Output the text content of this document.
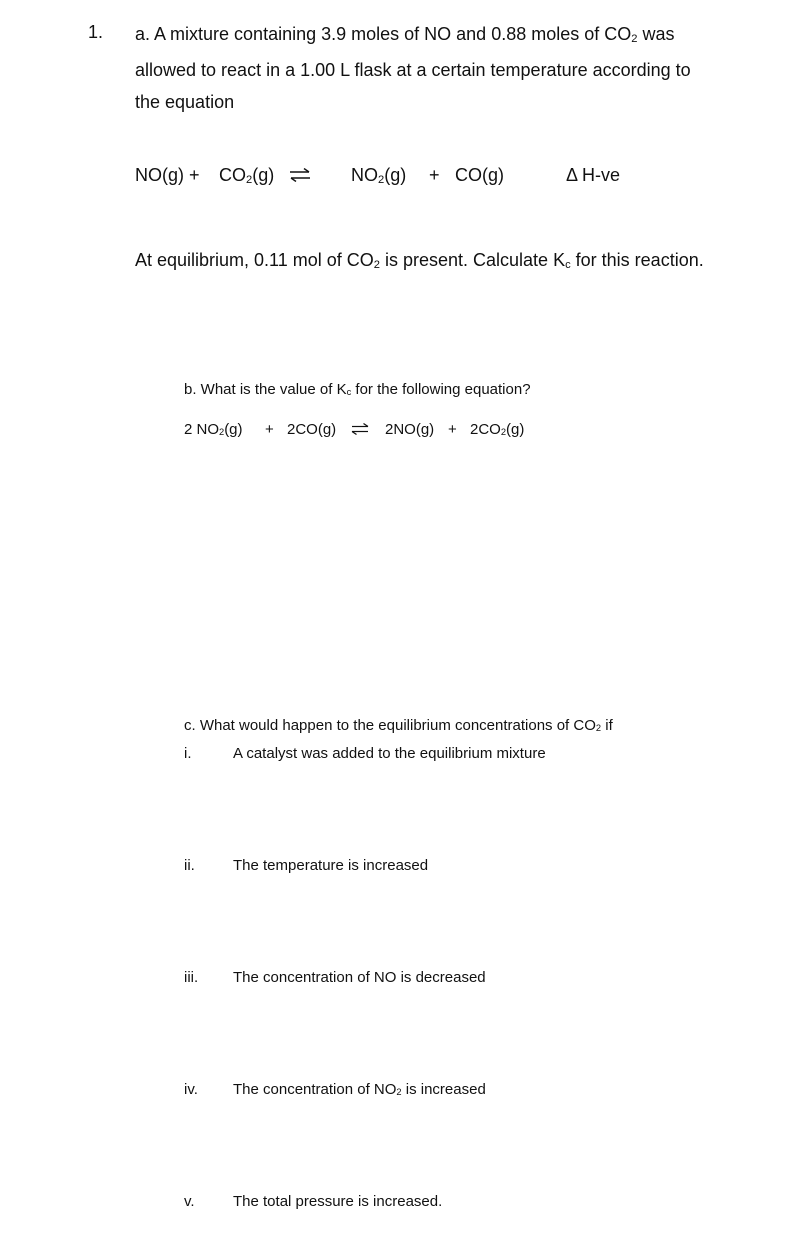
1. a. A mixture containing 3.9 moles of NO and 0.88 moles of CO2 was
allowed to react in a 1.00 L flask at a certain temperature according to
the equation
NO(g) + CO2(g) ⇌ NO2(g) + CO(g)	Δ H-ve
At equilibrium, 0.11 mol of CO2 is present. Calculate Kc for this reaction.
b. What is the value of Kc for the following equation?
2 NO2(g) + 2CO(g) ⇌ 2NO(g) + 2CO2(g)
c. What would happen to the equilibrium concentrations of CO2 if
i.	A catalyst was added to the equilibrium mixture
ii.	The temperature is increased
iii. The concentration of NO is decreased
iv. The concentration of NO2 is increased
v.	The total pressure is increased.
